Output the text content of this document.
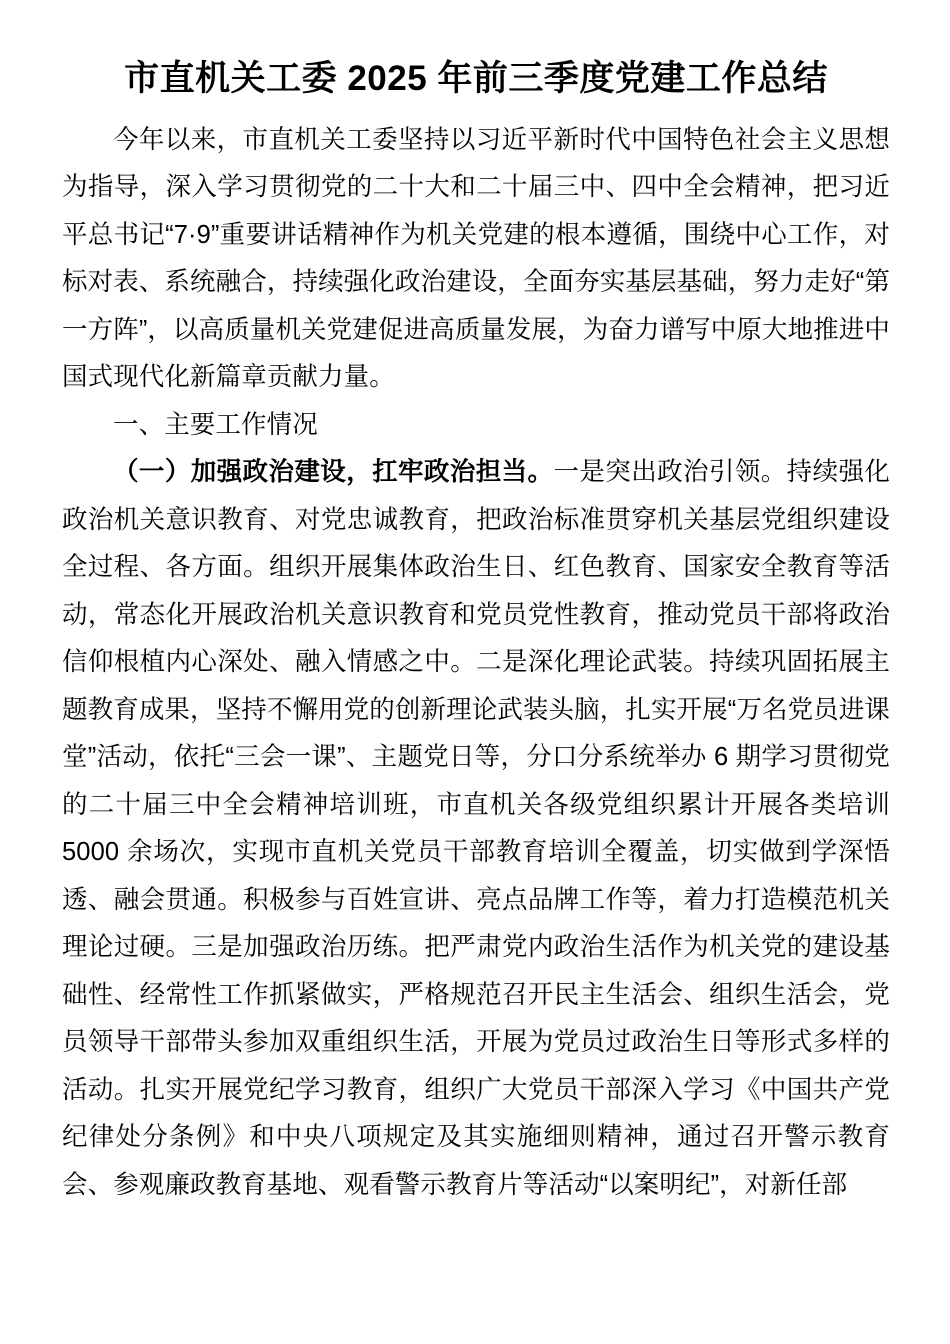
市直机关工委 2025 年前三季度党建工作总结

今年以来，市直机关工委坚持以习近平新时代中国特色社会主义思想为指导，深入学习贯彻党的二十大和二十届三中、四中全会精神，把习近平总书记“7·9”重要讲话精神作为机关党建的根本遵循，围绕中心工作，对标对表、系统融合，持续强化政治建设，全面夯实基层基础，努力走好“第一方阵”，以高质量机关党建促进高质量发展，为奋力谱写中原大地推进中国式现代化新篇章贡献力量。

一、主要工作情况

（一）加强政治建设，扛牢政治担当。一是突出政治引领。持续强化政治机关意识教育、对党忠诚教育，把政治标准贯穿机关基层党组织建设全过程、各方面。组织开展集体政治生日、红色教育、国家安全教育等活动，常态化开展政治机关意识教育和党员党性教育，推动党员干部将政治信仰根植内心深处、融入情感之中。二是深化理论武装。持续巩固拓展主题教育成果，坚持不懈用党的创新理论武装头脑，扎实开展“万名党员进课堂”活动，依托“三会一课”、主题党日等，分口分系统举办 6 期学习贯彻党的二十届三中全会精神培训班，市直机关各级党组织累计开展各类培训 5000 余场次，实现市直机关党员干部教育培训全覆盖，切实做到学深悟透、融会贯通。积极参与百姓宣讲、亮点品牌工作等，着力打造模范机关理论过硬。三是加强政治历练。把严肃党内政治生活作为机关党的建设基础性、经常性工作抓紧做实，严格规范召开民主生活会、组织生活会，党员领导干部带头参加双重组织生活，开展为党员过政治生日等形式多样的活动。扎实开展党纪学习教育，组织广大党员干部深入学习《中国共产党纪律处分条例》和中央八项规定及其实施细则精神，通过召开警示教育会、参观廉政教育基地、观看警示教育片等活动“以案明纪”，对新任部
